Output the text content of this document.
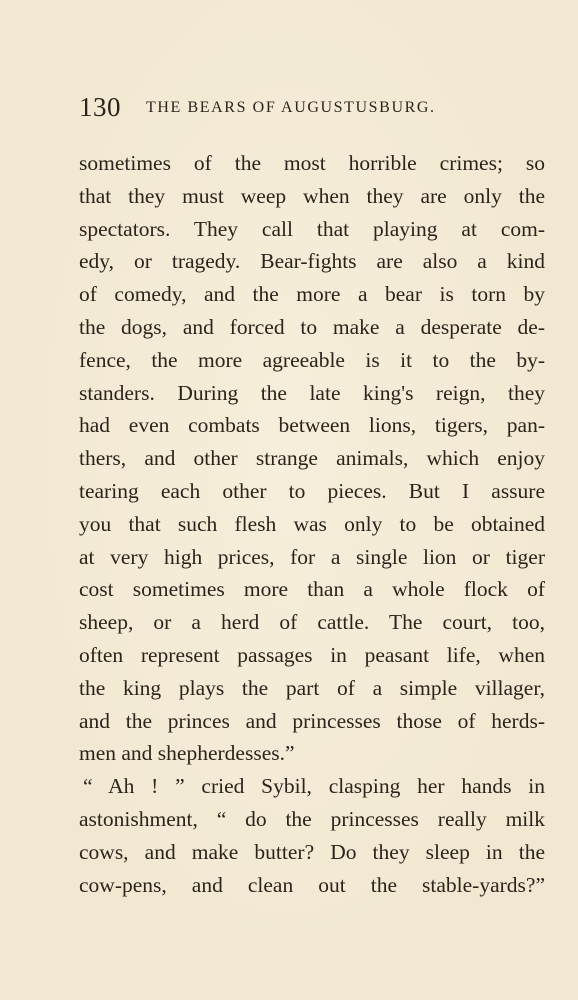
130 THE BEARS OF AUGUSTUSBURG.
sometimes of the most horrible crimes; so
that they must weep when they are only the
spectators. They call that playing at com-
edy, or tragedy. Bear-fights are also a kind
of comedy, and the more a bear is torn by
the dogs, and forced to make a desperate de-
fence, the more agreeable is it to the by-
standers. During the late king's reign, they
had even combats between lions, tigers, pan-
thers, and other strange animals, which enjoy
tearing each other to pieces. But I assure
you that such flesh was only to be obtained
at very high prices, for a single lion or tiger
cost sometimes more than a whole flock of
sheep, or a herd of cattle. The court, too,
often represent passages in peasant life, when
the king plays the part of a simple villager,
and the princes and princesses those of herds-
men and shepherdesses.”
“ Ah ! ” cried Sybil, clasping her hands in
astonishment, “ do the princesses really milk
cows, and make butter? Do they sleep in the
cow-pens, and clean out the stable-yards?”
